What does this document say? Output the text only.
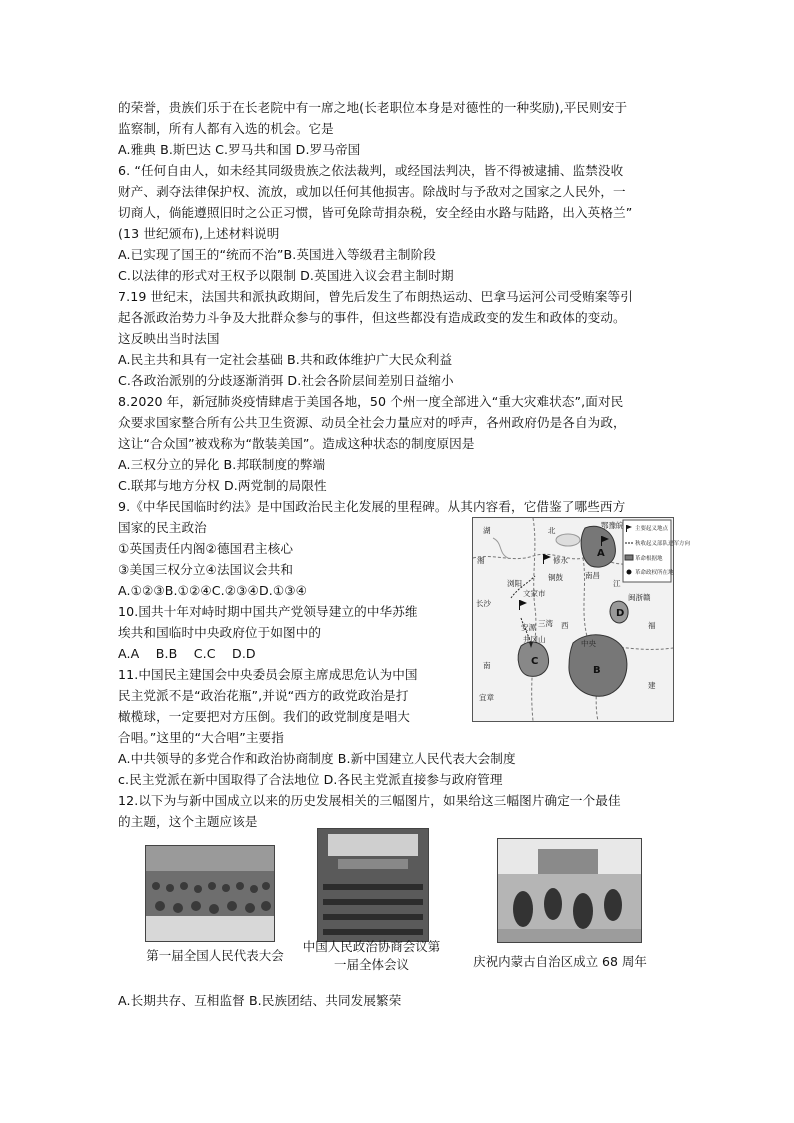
的荣誉，贵族们乐于在长老院中有一席之地(长老职位本身是对德性的一种奖励),平民则安于
监察制，所有人都有入选的机会。它是
A.雅典 B.斯巴达 C.罗马共和国 D.罗马帝国
6. “任何自由人，如未经其同级贵族之依法裁判，或经国法判决，皆不得被逮捕、监禁没收
财产、剥夺法律保护权、流放，或加以任何其他损害。除战时与予敌对之国家之人民外，一
切商人，倘能遵照旧时之公正习惯，皆可免除苛捐杂税，安全经由水路与陆路，出入英格兰”
(13 世纪颁布),上述材料说明
A.已实现了国王的“统而不治”B.英国进入等级君主制阶段
C.以法律的形式对王权予以限制 D.英国进入议会君主制时期
7.19 世纪末，法国共和派执政期间，曾先后发生了布朗热运动、巴拿马运河公司受贿案等引
起各派政治势力斗争及大批群众参与的事件，但这些都没有造成政变的发生和政体的变动。
这反映出当时法国
A.民主共和具有一定社会基础 B.共和政体维护广大民众利益
C.各政治派别的分歧逐渐消弭 D.社会各阶层间差别日益缩小
8.2020 年，新冠肺炎疫情肆虐于美国各地，50 个州一度全部进入“重大灾难状态”,面对民
众要求国家整合所有公共卫生资源、动员全社会力量应对的呼声，各州政府仍是各自为政，
这让“合众国”被戏称为“散装美国”。造成这种状态的制度原因是
A.三权分立的异化 B.邦联制度的弊端
C.联邦与地方分权 D.两党制的局限性
9.《中华民国临时约法》是中国政治民主化发展的里程碑。从其内容看，它借鉴了哪些西方
国家的民主政治
①英国责任内阁②德国君主核心
③美国三权分立④法国议会共和
A.①②③B.①②④C.②③④D.①③④
10.国共十年对峙时期中国共产党领导建立的中华苏维
埃共和国临时中央政府位于如图中的
A.A    B.B    C.C    D.D
11.中国民主建国会中央委员会原主席成思危认为中国
民主党派不是“政治花瓶”,并说“西方的政党政治是打
橄榄球，一定要把对方压倒。我们的政党制度是唱大
合唱。”这里的“大合唱”主要指
A.中共领导的多党合作和政治协商制度 B.新中国建立人民代表大会制度
c.民主党派在新中国取得了合法地位 D.各民主党派直接参与政府管理
12.以下为与新中国成立以来的历史发展相关的三幅图片，如果给这三幅图片确定一个最佳
的主题，这个主题应该是
A
B
C
D
湖	北
湘
鄂豫皖
修水
铜鼓	南昌
浏阳
文家市
江
长沙
安源 三湾
井冈山	中央
闽浙赣
福
西
南
宜章
建
主要起义地点
秋收起义部队进军方向
革命根据地
革命政权所在地
第一届全国人民代表大会
中国人民政治协商会议第一届全体会议	庆祝内蒙古自治区成立 68 周年
A.长期共存、互相监督 B.民族团结、共同发展繁荣
